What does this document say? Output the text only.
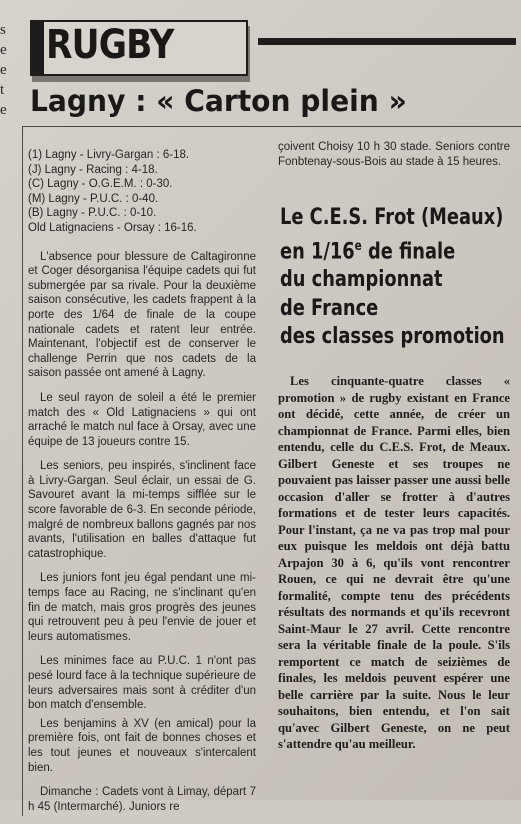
s
e
e
t
e
RUGBY
Lagny : « Carton plein »
(1) Lagny - Livry-Gargan : 6-18.
(J) Lagny - Racing : 4-18.
(C) Lagny - O.G.E.M. : 0-30.
(M) Lagny - P.U.C. : 0-40.
(B) Lagny - P.U.C. : 0-10.
Old Latignaciens - Orsay : 16-16.

L'absence pour blessure de Caltagironne et Coger désorganisa l'équipe cadets qui fut submergée par sa rivale. Pour la deuxième saison consécutive, les cadets frappent à la porte des 1/64 de finale de la coupe nationale cadets et ratent leur entrée. Maintenant, l'objectif est de conserver le challenge Perrin que nos cadets de la saison passée ont amené à Lagny.

Le seul rayon de soleil a été le premier match des « Old Latignaciens » qui ont arraché le match nul face à Orsay, avec une équipe de 13 joueurs contre 15.

Les seniors, peu inspirés, s'inclinent face à Livry-Gargan. Seul éclair, un essai de G. Savouret avant la mi-temps sifflée sur le score favorable de 6-3. En seconde période, malgré de nombreux ballons gagnés par nos avants, l'utilisation en balles d'attaque fut catastrophique.

Les juniors font jeu égal pendant une mi-temps face au Racing, ne s'inclinant qu'en fin de match, mais gros progrès des jeunes qui retrouvent peu à peu l'envie de jouer et leurs automatismes.

Les minimes face au P.U.C. 1 n'ont pas pesé lourd face à la technique supérieure de leurs adversaires mais sont à créditer d'un bon match d'ensemble.

Les benjamins à XV (en amical) pour la première fois, ont fait de bonnes choses et les tout jeunes et nouveaux s'intercalent bien.

Dimanche : Cadets vont à Limay, départ 7 h 45 (Intermarché). Juniors re

çoivent Choisy 10 h 30 stade. Seniors contre Fonbtenay-sous-Bois au stade à 15 heures.

Le C.E.S. Frot (Meaux)
en 1/16e de finale
du championnat
de France
des classes promotion

Les cinquante-quatre classes « promotion » de rugby existant en France ont décidé, cette année, de créer un championnat de France. Parmi elles, bien entendu, celle du C.E.S. Frot, de Meaux. Gilbert Geneste et ses troupes ne pouvaient pas laisser passer une aussi belle occasion d'aller se frotter à d'autres formations et de tester leurs capacités. Pour l'instant, ça ne va pas trop mal pour eux puisque les meldois ont déjà battu Arpajon 30 à 6, qu'ils vont rencontrer Rouen, ce qui ne devrait être qu'une formalité, compte tenu des précédents résultats des normands et qu'ils recevront Saint-Maur le 27 avril. Cette rencontre sera la véritable finale de la poule. S'ils remportent ce match de seizièmes de finales, les meldois peuvent espérer une belle carrière par la suite. Nous le leur souhaitons, bien entendu, et l'on sait qu'avec Gilbert Geneste, on ne peut s'attendre qu'au meilleur.
